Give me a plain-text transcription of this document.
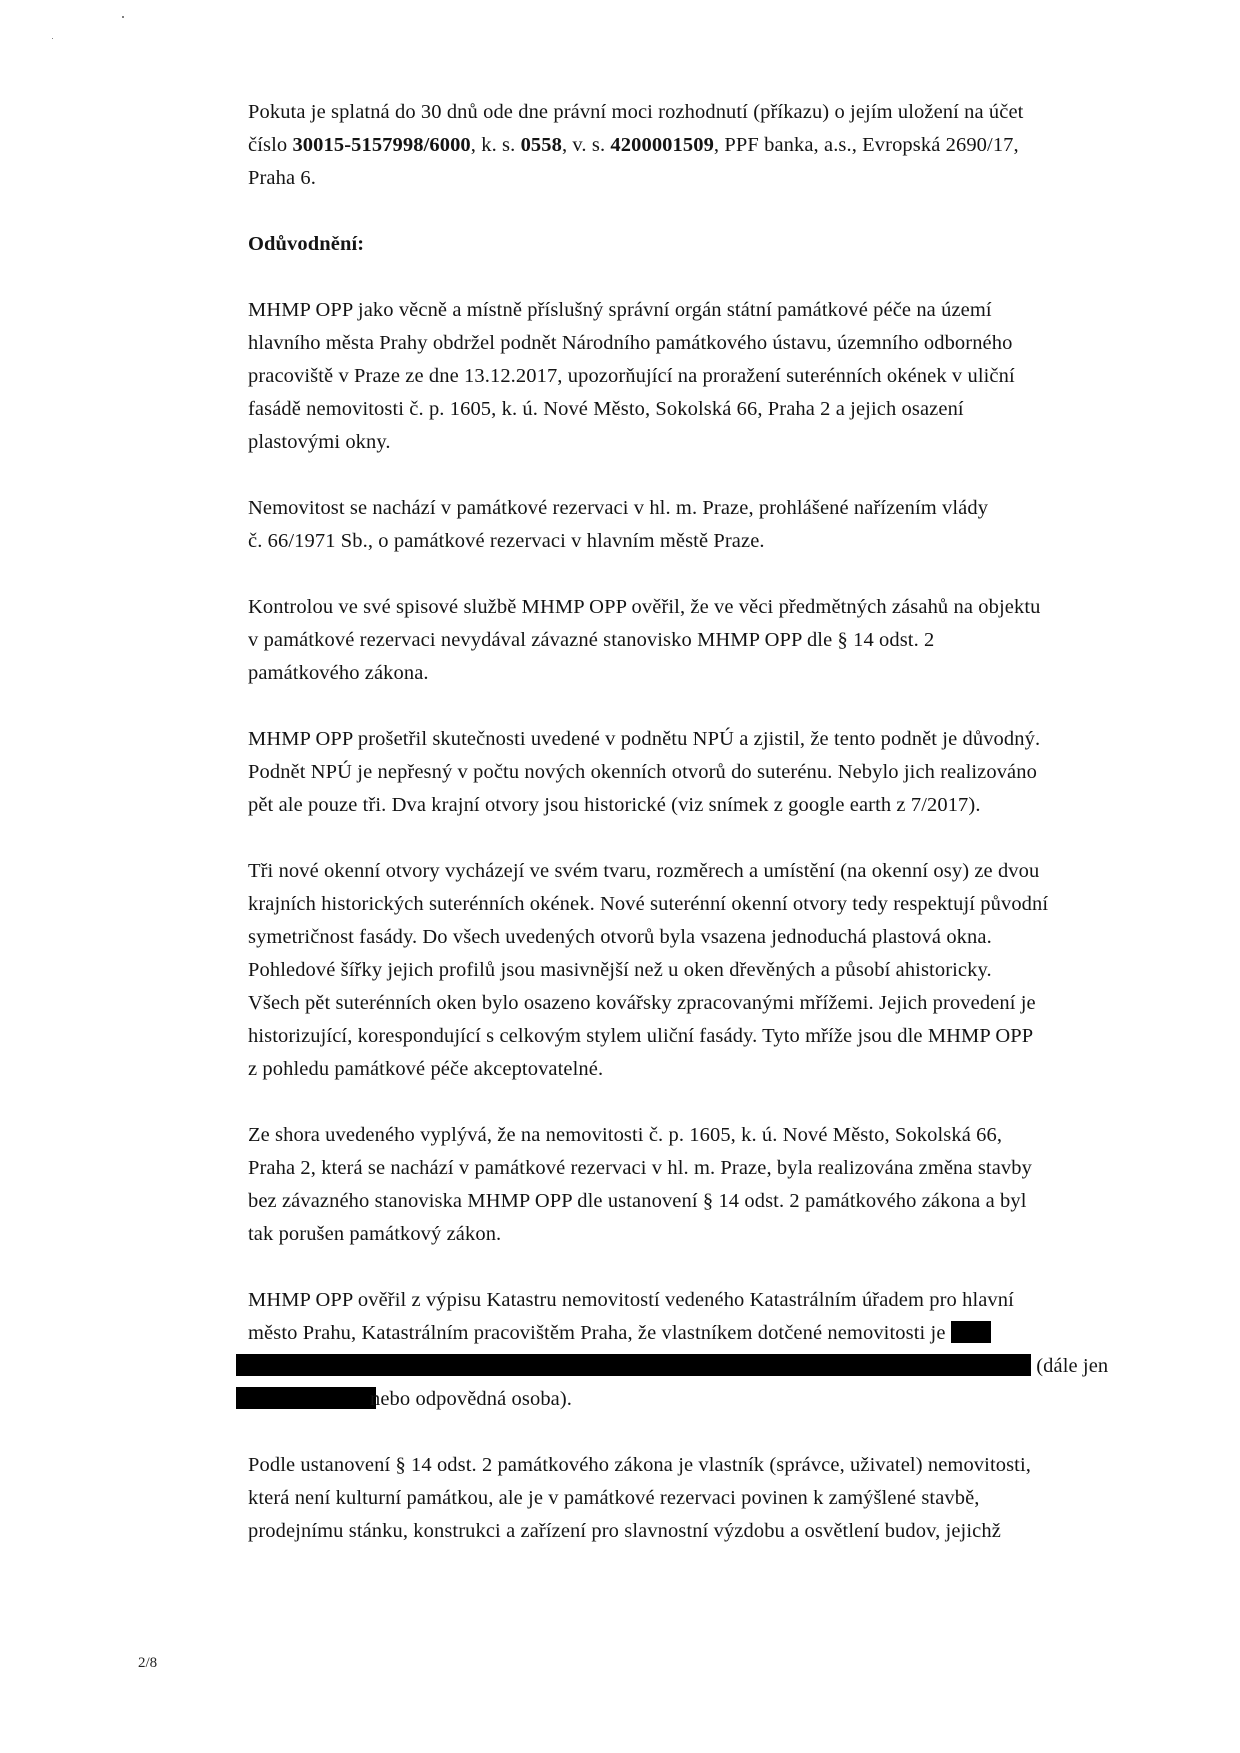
Pokuta je splatná do 30 dnů ode dne právní moci rozhodnutí (příkazu) o jejím uložení na účet
číslo 30015-5157998/6000, k. s. 0558, v. s. 4200001509, PPF banka, a.s., Evropská 2690/17,
Praha 6.
Odůvodnění:
MHMP OPP jako věcně a místně příslušný správní orgán státní památkové péče na území
hlavního města Prahy obdržel podnět Národního památkového ústavu, územního odborného
pracoviště v Praze ze dne 13.12.2017, upozorňující na proražení suterénních okének v uliční
fasádě nemovitosti č. p. 1605, k. ú. Nové Město, Sokolská 66, Praha 2 a jejich osazení
plastovými okny.
Nemovitost se nachází v památkové rezervaci v hl. m. Praze, prohlášené nařízením vlády
č. 66/1971 Sb., o památkové rezervaci v hlavním městě Praze.
Kontrolou ve své spisové službě MHMP OPP ověřil, že ve věci předmětných zásahů na objektu
v památkové rezervaci nevydával závazné stanovisko MHMP OPP dle § 14 odst. 2
památkového zákona.
MHMP OPP prošetřil skutečnosti uvedené v podnětu NPÚ a zjistil, že tento podnět je důvodný.
Podnět NPÚ je nepřesný v počtu nových okenních otvorů do suterénu. Nebylo jich realizováno
pět ale pouze tři. Dva krajní otvory jsou historické (viz snímek z google earth z 7/2017).
Tři nové okenní otvory vycházejí ve svém tvaru, rozměrech a umístění (na okenní osy) ze dvou
krajních historických suterénních okének. Nové suterénní okenní otvory tedy respektují původní
symetričnost fasády. Do všech uvedených otvorů byla vsazena jednoduchá plastová okna.
Pohledové šířky jejich profilů jsou masivnější než u oken dřevěných a působí ahistoricky.
Všech pět suterénních oken bylo osazeno kovářsky zpracovanými mřížemi. Jejich provedení je
historizující, korespondující s celkovým stylem uliční fasády. Tyto mříže jsou dle MHMP OPP
z pohledu památkové péče akceptovatelné.
Ze shora uvedeného vyplývá, že na nemovitosti č. p. 1605, k. ú. Nové Město, Sokolská 66,
Praha 2, která se nachází v památkové rezervaci v hl. m. Praze, byla realizována změna stavby
bez závazného stanoviska MHMP OPP dle ustanovení § 14 odst. 2 památkového zákona a byl
tak porušen památkový zákon.
MHMP OPP ověřil z výpisu Katastru nemovitostí vedeného Katastrálním úřadem pro hlavní
město Prahu, Katastrálním pracovištěm Praha, že vlastníkem dotčené nemovitosti je
(dále jen
nebo odpovědná osoba).
Podle ustanovení § 14 odst. 2 památkového zákona je vlastník (správce, uživatel) nemovitosti,
která není kulturní památkou, ale je v památkové rezervaci povinen k zamýšlené stavbě,
prodejnímu stánku, konstrukci a zařízení pro slavnostní výzdobu a osvětlení budov, jejichž
2/8
